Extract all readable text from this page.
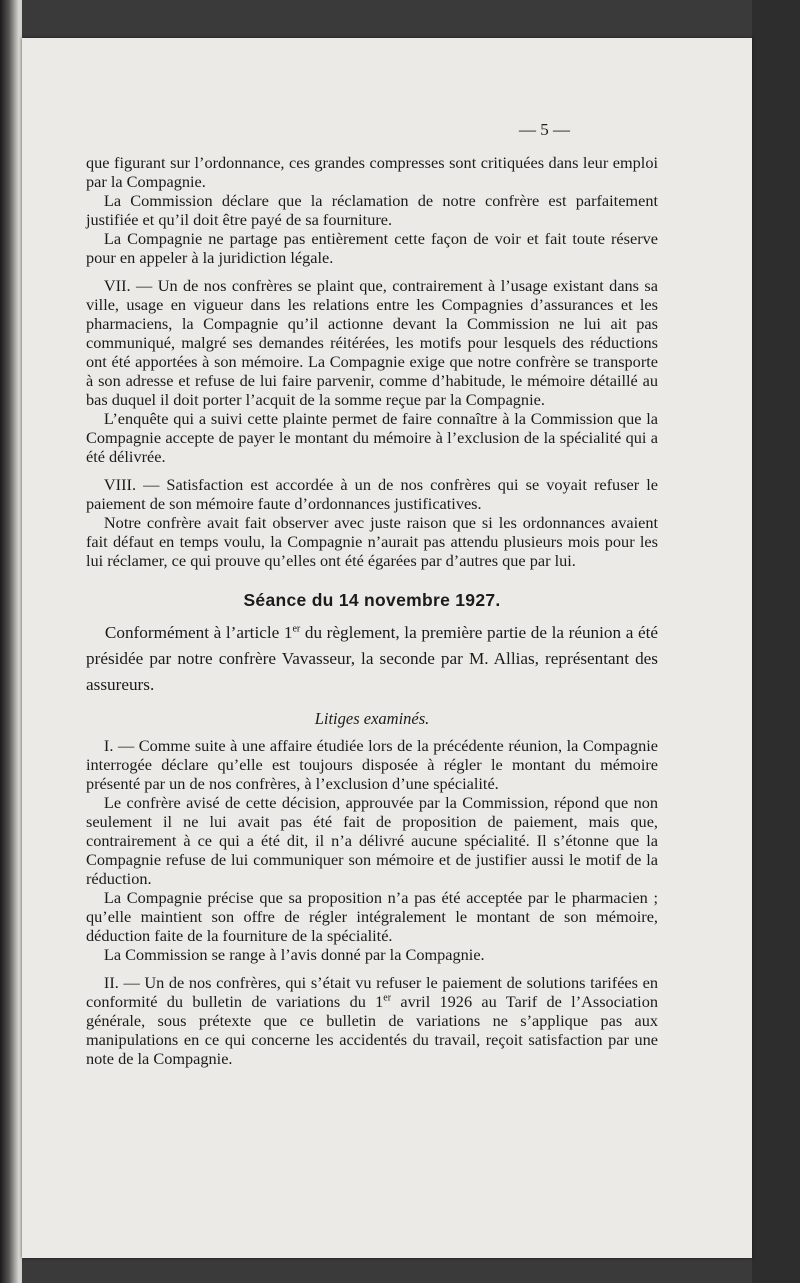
— 5 —

que figurant sur l’ordonnance, ces grandes compresses sont critiquées dans leur emploi par la Compagnie.

La Commission déclare que la réclamation de notre confrère est parfaitement justifiée et qu’il doit être payé de sa fourniture.

La Compagnie ne partage pas entièrement cette façon de voir et fait toute réserve pour en appeler à la juridiction légale.

VII. — Un de nos confrères se plaint que, contrairement à l’usage existant dans sa ville, usage en vigueur dans les relations entre les Compagnies d’assurances et les pharmaciens, la Compagnie qu’il actionne devant la Commission ne lui ait pas communiqué, malgré ses demandes réitérées, les motifs pour lesquels des réductions ont été apportées à son mémoire. La Compagnie exige que notre confrère se transporte à son adresse et refuse de lui faire parvenir, comme d’habitude, le mémoire détaillé au bas duquel il doit porter l’acquit de la somme reçue par la Compagnie.

L’enquête qui a suivi cette plainte permet de faire connaître à la Commission que la Compagnie accepte de payer le montant du mémoire à l’exclusion de la spécialité qui a été délivrée.

VIII. — Satisfaction est accordée à un de nos confrères qui se voyait refuser le paiement de son mémoire faute d’ordonnances justificatives.

Notre confrère avait fait observer avec juste raison que si les ordonnances avaient fait défaut en temps voulu, la Compagnie n’aurait pas attendu plusieurs mois pour les lui réclamer, ce qui prouve qu’elles ont été égarées par d’autres que par lui.

Séance du 14 novembre 1927.

Conformément à l’article 1er du règlement, la première partie de la réunion a été présidée par notre confrère Vavasseur, la seconde par M. Allias, représentant des assureurs.

Litiges examinés.

I. — Comme suite à une affaire étudiée lors de la précédente réunion, la Compagnie interrogée déclare qu’elle est toujours disposée à régler le montant du mémoire présenté par un de nos confrères, à l’exclusion d’une spécialité.

Le confrère avisé de cette décision, approuvée par la Commission, répond que non seulement il ne lui avait pas été fait de proposition de paiement, mais que, contrairement à ce qui a été dit, il n’a délivré aucune spécialité. Il s’étonne que la Compagnie refuse de lui communiquer son mémoire et de justifier aussi le motif de la réduction.

La Compagnie précise que sa proposition n’a pas été acceptée par le pharmacien ; qu’elle maintient son offre de régler intégralement le montant de son mémoire, déduction faite de la fourniture de la spécialité.

La Commission se range à l’avis donné par la Compagnie.

II. — Un de nos confrères, qui s’était vu refuser le paiement de solutions tarifées en conformité du bulletin de variations du 1er avril 1926 au Tarif de l’Association générale, sous prétexte que ce bulletin de variations ne s’applique pas aux manipulations en ce qui concerne les accidentés du travail, reçoit satisfaction par une note de la Compagnie.
